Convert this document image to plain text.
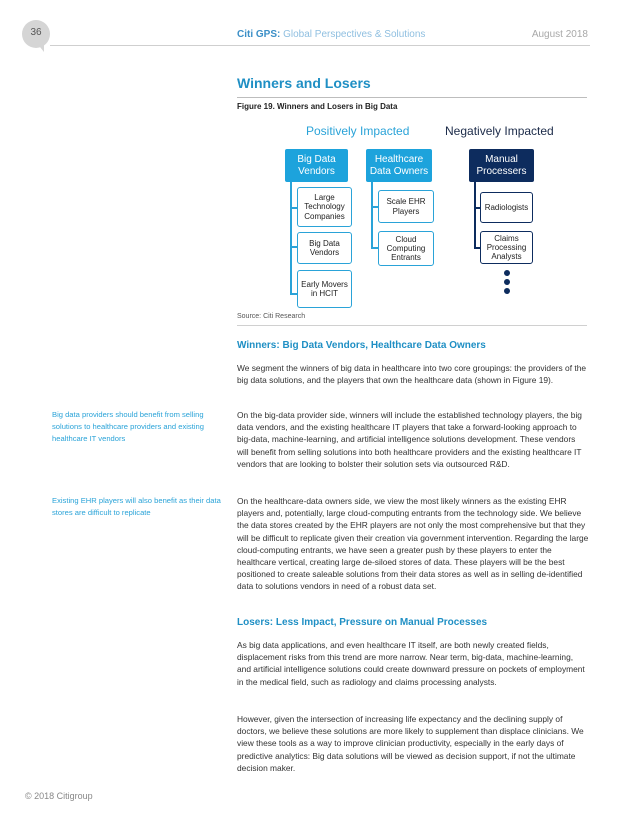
36	Citi GPS: Global Perspectives & Solutions	August 2018
Winners and Losers
Figure 19. Winners and Losers in Big Data
Positively Impacted	Negatively Impacted
Big Data Vendors
Large Technology Companies
Big Data Vendors
Early Movers in HCIT
Healthcare Data Owners
Scale EHR Players
Cloud Computing Entrants
Manual Processers
Radiologists
Claims Processing Analysts
Source: Citi Research
Winners: Big Data Vendors, Healthcare Data Owners
We segment the winners of big data in healthcare into two core groupings: the providers of the big data solutions, and the players that own the healthcare data (shown in Figure 19).
On the big-data provider side, winners will include the established technology players, the big data vendors, and the existing healthcare IT players that take a forward-looking approach to big-data, machine-learning, and artificial intelligence solutions development. These vendors will benefit from selling solutions into both healthcare providers and the existing healthcare IT vendors that are looking to bolster their solution sets via outsourced R&D.
On the healthcare-data owners side, we view the most likely winners as the existing EHR players and, potentially, large cloud-computing entrants from the technology side. We believe the data stores created by the EHR players are not only the most comprehensive but that they will be difficult to replicate given their creation via government intervention. Regarding the large cloud-computing entrants, we have seen a greater push by these players to enter the healthcare vertical, creating large de-siloed stores of data. These players will be the best positioned to create saleable solutions from their data stores as well as in selling de-identified data to solutions vendors in need of a robust data set.
Big data providers should benefit from selling solutions to healthcare providers and existing healthcare IT vendors
Existing EHR players will also benefit as their data stores are difficult to replicate
Losers: Less Impact, Pressure on Manual Processes
As big data applications, and even healthcare IT itself, are both newly created fields, displacement risks from this trend are more narrow. Near term, big-data, machine-learning, and artificial intelligence solutions could create downward pressure on pockets of employment in the medical field, such as radiology and claims processing analysts.
However, given the intersection of increasing life expectancy and the declining supply of doctors, we believe these solutions are more likely to supplement than displace clinicians. We view these tools as a way to improve clinician productivity, especially in the early days of predictive analytics: Big data solutions will be viewed as decision support, if not the ultimate decision maker.
© 2018 Citigroup
